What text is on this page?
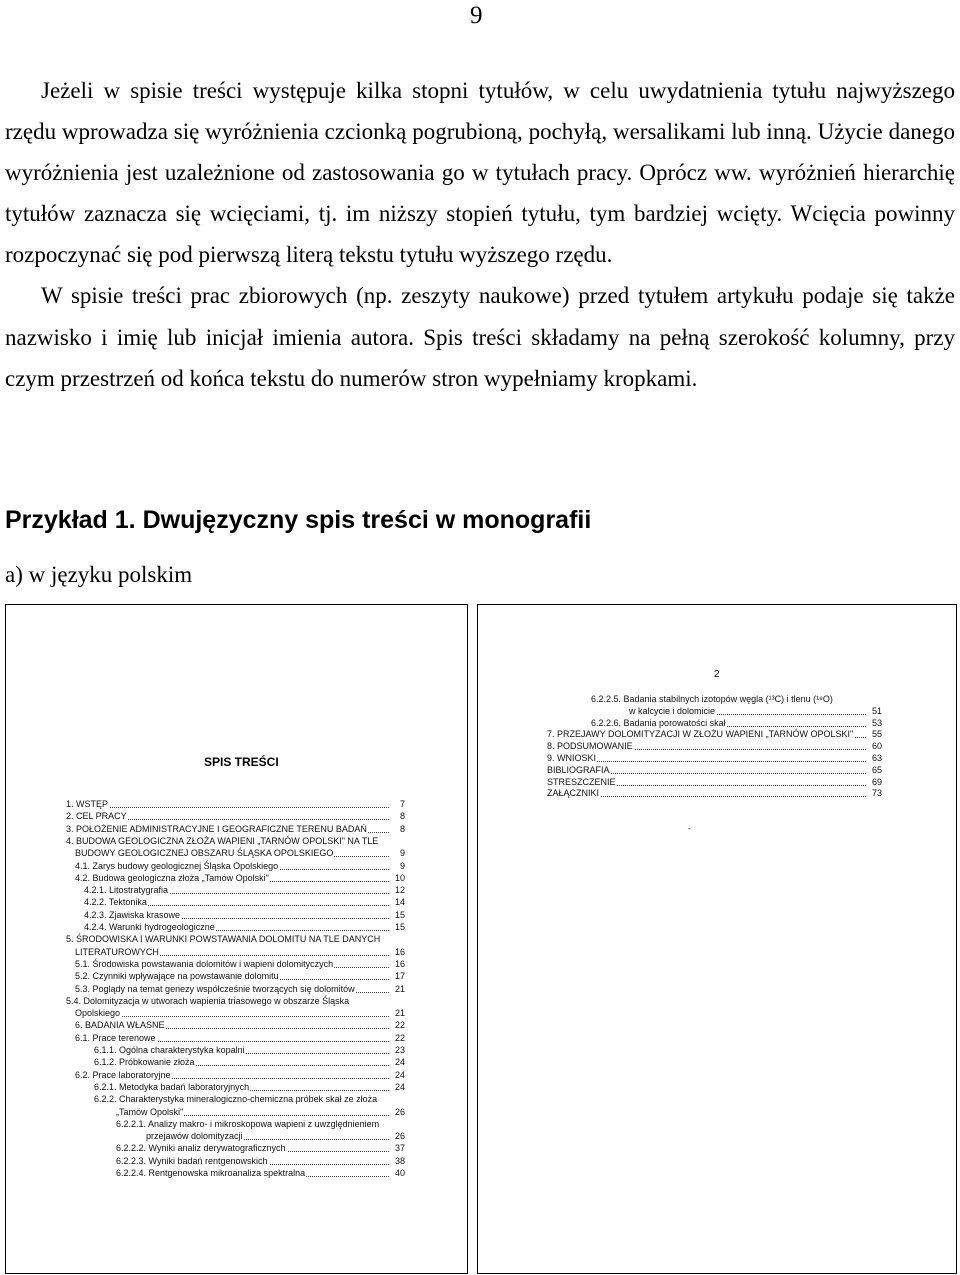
9

Jeżeli w spisie treści występuje kilka stopni tytułów, w celu uwydatnienia tytułu najwyższego rzędu wprowadza się wyróżnienia czcionką pogrubioną, pochyłą, wersalikami lub inną. Użycie danego wyróżnienia jest uzależnione od zastosowania go w tytułach pracy. Oprócz ww. wyróżnień hierarchię tytułów zaznacza się wcięciami, tj. im niższy stopień tytułu, tym bardziej wcięty. Wcięcia powinny rozpoczynać się pod pierwszą literą tekstu tytułu wyższego rzędu.

W spisie treści prac zbiorowych (np. zeszyty naukowe) przed tytułem artykułu podaje się także nazwisko i imię lub inicjał imienia autora. Spis treści składamy na pełną szerokość kolumny, przy czym przestrzeń od końca tekstu do numerów stron wypełniamy kropkami.

Przykład 1. Dwujęzyczny spis treści w monografii
a) w języku polskim
SPIS TREŚCI
1. WSTĘP	7
2. CEL PRACY	8
3. POŁOŻENIE ADMINISTRACYJNE I GEOGRAFICZNE TERENU BADAŃ	8
4. BUDOWA GEOLOGICZNA ZŁOŻA WAPIENI „TARNÓW OPOLSKI" NA TLE
BUDOWY GEOLOGICZNEJ OBSZARU ŚLĄSKA OPOLSKIEGO	9
4.1. Zarys budowy geologicznej Śląska Opolskiego	9
4.2. Budowa geologiczna złoża „Tamów Opolski"	10
4.2.1. Litostratygrafia	12
4.2.2. Tektonika	14
4.2.3. Zjawiska krasowe	15
4.2.4. Warunki hydrogeologiczne	15
5. ŚRODOWISKA I WARUNKI POWSTAWANIA DOLOMITU NA TLE DANYCH
LITERATUROWYCH	16
5.1. Środowiska powstawania dolomitów i wapieni dolomityczych	16
5.2. Czynniki wpływające na powstawanie dolomitu	17
5.3. Poglądy na temat genezy współcześnie tworzących się dolomitów	21
5.4. Dolomityzacja w utworach wapienia triasowego w obszarze Śląska
Opolskiego	21
6. BADANIA WŁASNE	22
6.1. Prace terenowe	22
6.1.1. Ogólna charakterystyka kopalni	23
6.1.2. Próbkowanie złoża	24
6.2. Prace laboratoryjne	24
6.2.1. Metodyka badań laboratoryjnych	24
6.2.2. Charakterystyka mineralogiczno-chemiczna próbek skał ze złoża
„Tamów Opolski"	26
6.2.2.1. Analizy makro- i mikroskopowa wapieni z uwzględnieniem
przejawów dolomityzacji	26
6.2.2.2. Wyniki analiz derywatograficznych	37
6.2.2.3. Wyniki badań rentgenowskich	38
6.2.2.4. Rentgenowska mikroanaliza spektralna	40
2
6.2.2.5. Badania stabilnych izotopów węgla (¹³C) i tlenu (¹⁸O)
w kalcycie i dolomicie	51
6.2.2.6. Badania porowatości skał	53
7. PRZEJAWY DOLOMITYZACJI W ZŁOŻU WAPIENI „TARNÓW OPOLSKI"	55
8. PODSUMOWANIE	60
9. WNIOSKI	63
BIBLIOGRAFIA	65
STRESZCZENIE	69
ZAŁĄCZNIKI	73
-
